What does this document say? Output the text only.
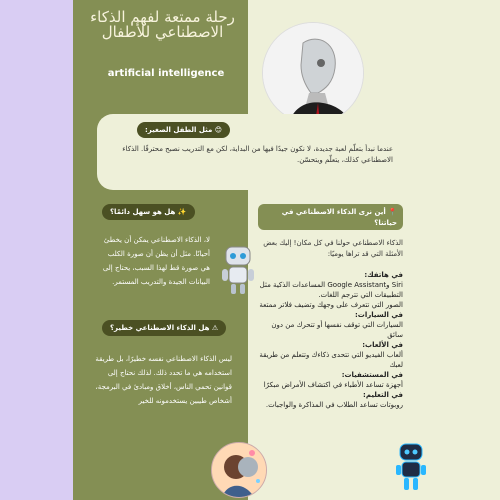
رحلة ممتعة لفهم الذكاء الاصطناعي للأطفال
artificial intelligence
😊 مثل الطفل الصغير:
عندما نبدأ بتعلّم لعبة جديدة، لا نكون جيدًا فيها من البداية، لكن مع التدريب نصبح محترفًا. الذكاء الاصطناعي كذلك، يتعلّم ويتحسّن.
📍 أين نرى الذكاء الاصطناعي في حياتنا؟
الذكاء الاصطناعي حولنا في كل مكان! إليك بعض الأمثلة التي قد تراها يوميًا:
في هاتفك:
Siri وGoogle Assistant المساعدات الذكية مثل
التطبيقات التي تترجم اللغات.
الصور التي تتعرف على وجهك وتضيف فلاتر ممتعة
في السيارات:
السيارات التي توقف نفسها أو تتحرك من دون سائق
في الألعاب:
ألعاب الفيديو التي تتحدى ذكاءك وتتعلم من طريقة لعبك
في المستشفيات:
أجهزة تساعد الأطباء في اكتشاف الأمراض مبكرًا
في التعليم:
روبوتات تساعد الطلاب في المذاكرة والواجبات.
✨ هل هو سهل دائمًا؟
لا، الذكاء الاصطناعي يمكن أن يخطئ أحيانًا. مثل أن يظن أن صورة الكلب هي صورة قط لهذا السبب، يحتاج إلى البيانات الجيدة والتدريب المستمر.
⚠ هل الذكاء الاصطناعي خطير؟
ليس الذكاء الاصطناعي نفسه خطيرًا، بل طريقة استخدامه هي ما تحدد ذلك. لذلك نحتاج إلى قوانين تحمي الناس، أخلاق ومبادئ في البرمجة، أشخاص طيبين يستخدمونه للخير
